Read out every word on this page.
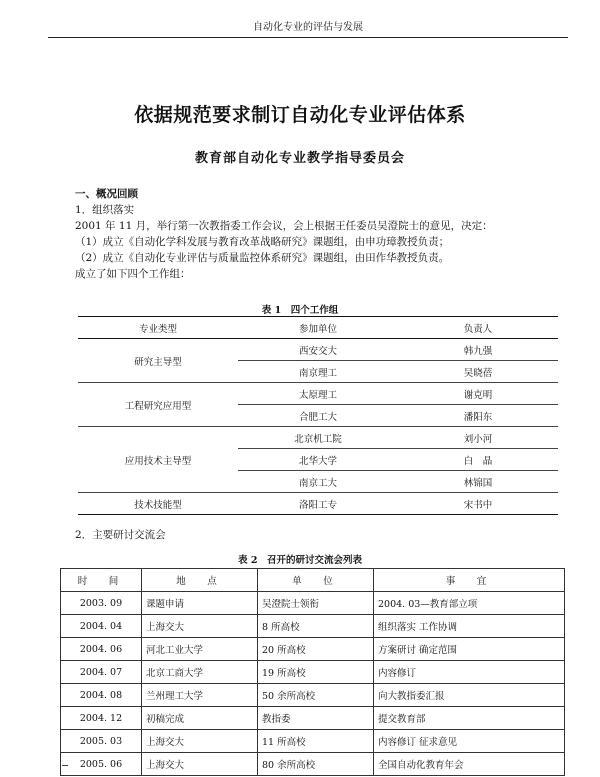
自动化专业的评估与发展
依据规范要求制订自动化专业评估体系
教育部自动化专业教学指导委员会

一、概况回顾

1．组织落实

2001 年 11 月，举行第一次教指委工作会议，会上根据王任委员吴澄院士的意见，决定：

（1）成立《自动化学科发展与教育改革战略研究》课题组，由申功璋教授负责；

（2）成立《自动化专业评估与质量监控体系研究》课题组，由田作华教授负责。

成立了如下四个工作组：

表 1　四个工作组
专业类型	参加单位	负责人
研究主导型	西安交大	韩九强
	南京理工	吴晓蓓
工程研究应用型	太原理工	谢克明
	合肥工大	潘阳东
应用技术主导型	北京机工院	刘小河
	北华大学	白　晶
	南京工大	林锦国
技术技能型	洛阳工专	宋书中
2．主要研讨交流会
表 2　召开的研讨交流会列表
时　间	地　点	单　位	事　宜
2003. 09	课题申请	吴澄院士领衔	2004. 03—教育部立项
2004. 04	上海交大	8 所高校	组织落实 工作协调
2004. 06	河北工业大学	20 所高校	方案研讨 确定范围
2004. 07	北京工商大学	19 所高校	内容修订
2004. 08	兰州理工大学	50 余所高校	向大教指委汇报
2004. 12	初稿完成	教指委	提交教育部
2005. 03	上海交大	11 所高校	内容修订 征求意见
2005. 06	上海交大	80 余所高校	全国自动化教育年会
